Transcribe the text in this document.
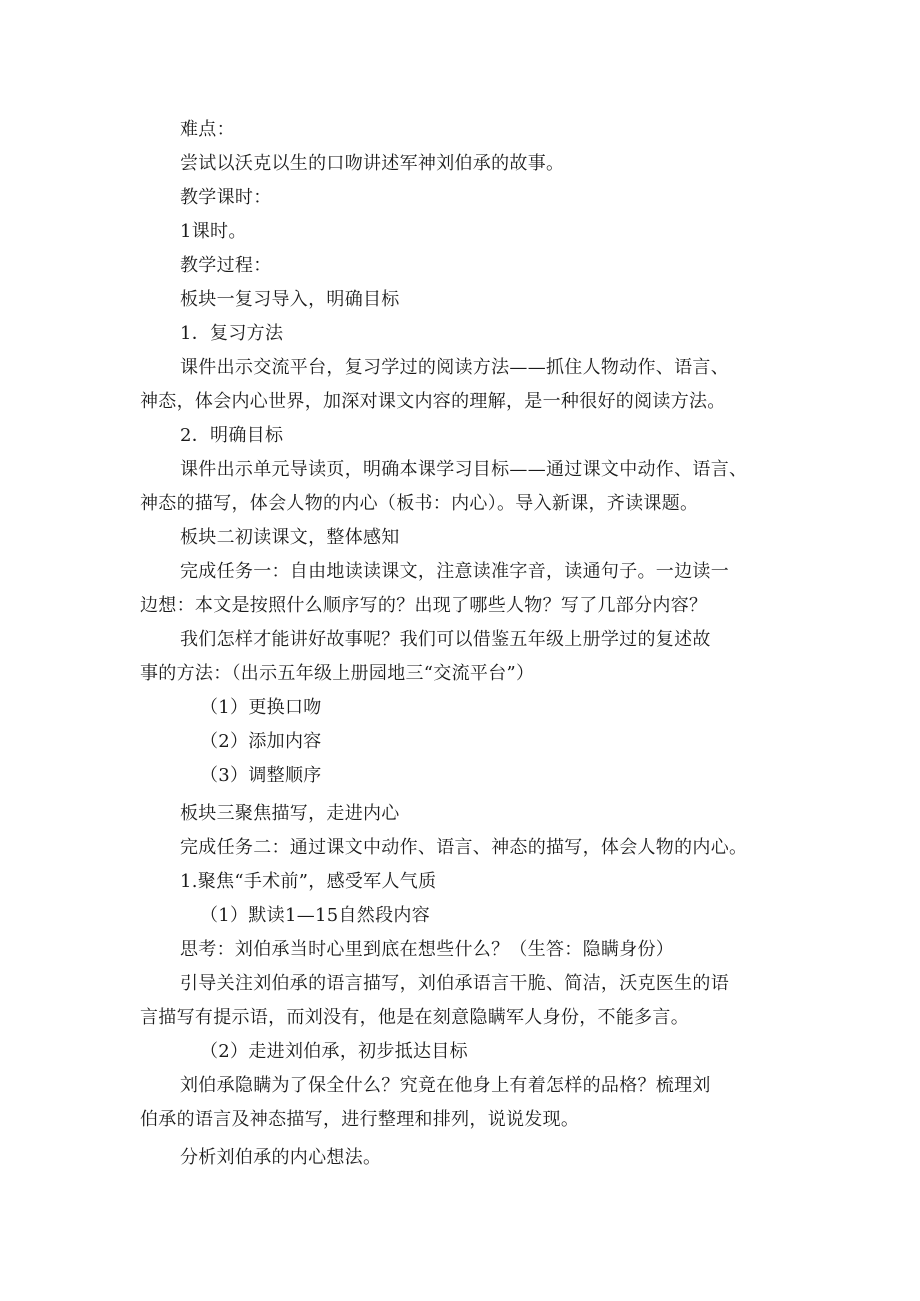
难点：
尝试以沃克以生的口吻讲述军神刘伯承的故事。
教学课时：
1课时。
教学过程：
板块一复习导入，明确目标
1．复习方法
课件出示交流平台，复习学过的阅读方法——抓住人物动作、语言、
神态，体会内心世界，加深对课文内容的理解，是一种很好的阅读方法。
2．明确目标
课件出示单元导读页，明确本课学习目标——通过课文中动作、语言、
神态的描写，体会人物的内心（板书：内心）。导入新课，齐读课题。
板块二初读课文，整体感知
完成任务一：自由地读读课文，注意读准字音，读通句子。一边读一
边想：本文是按照什么顺序写的？出现了哪些人物？写了几部分内容？
我们怎样才能讲好故事呢？我们可以借鉴五年级上册学过的复述故
事的方法：（出示五年级上册园地三“交流平台”）
（1）更换口吻
（2）添加内容
（3）调整顺序
板块三聚焦描写，走进内心
完成任务二：通过课文中动作、语言、神态的描写，体会人物的内心。
1.聚焦“手术前”，感受军人气质
（1）默读1—15自然段内容
思考：刘伯承当时心里到底在想些什么？（生答：隐瞒身份）
引导关注刘伯承的语言描写，刘伯承语言干脆、简洁，沃克医生的语
言描写有提示语，而刘没有，他是在刻意隐瞒军人身份，不能多言。
（2）走进刘伯承，初步抵达目标
刘伯承隐瞒为了保全什么？究竟在他身上有着怎样的品格？梳理刘
伯承的语言及神态描写，进行整理和排列，说说发现。
分析刘伯承的内心想法。
